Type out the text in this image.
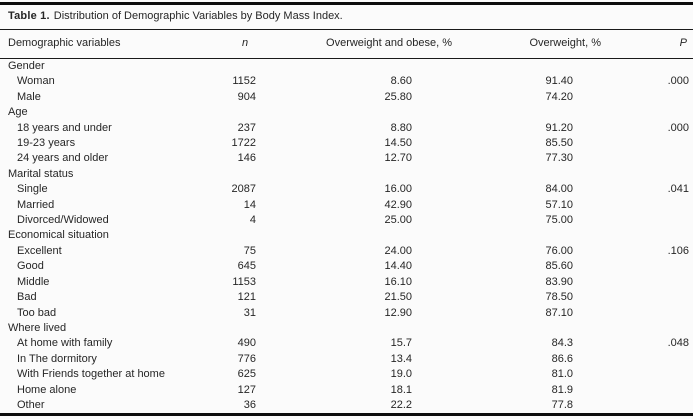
Table 1. Distribution of Demographic Variables by Body Mass Index.
Demographic variables	n	Overweight and obese, %	Overweight, %	P
Gender				
Woman	1152	8.60	91.40	.000
Male	904	25.80	74.20	
Age				
18 years and under	237	8.80	91.20	.000
19-23 years	1722	14.50	85.50	
24 years and older	146	12.70	77.30	
Marital status				
Single	2087	16.00	84.00	.041
Married	14	42.90	57.10	
Divorced/Widowed	4	25.00	75.00	
Economical situation				
Excellent	75	24.00	76.00	.106
Good	645	14.40	85.60	
Middle	1153	16.10	83.90	
Bad	121	21.50	78.50	
Too bad	31	12.90	87.10	
Where lived				
At home with family	490	15.7	84.3	.048
In The dormitory	776	13.4	86.6	
With Friends together at home	625	19.0	81.0	
Home alone	127	18.1	81.9	
Other	36	22.2	77.8	
